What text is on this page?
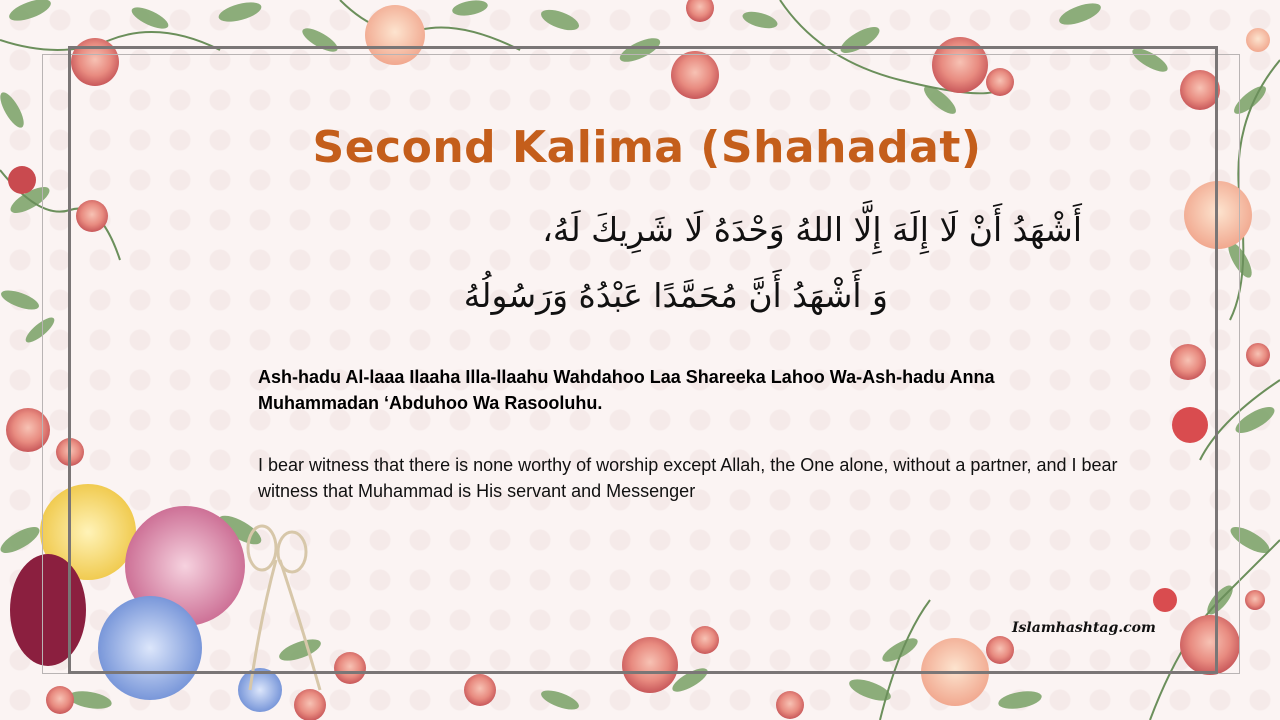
Second Kalima (Shahadat)
أَشْهَدُ أَنْ لَا إِلَهَ إِلَّا اللهُ وَحْدَهُ لَا شَرِيكَ لَهُ،
وَ أَشْهَدُ أَنَّ مُحَمَّدًا عَبْدُهُ وَرَسُولُهُ
Ash-hadu Al-laaa Ilaaha Illa-llaahu Wahdahoo Laa Shareeka Lahoo Wa-Ash-hadu Anna Muhammadan ‘Abduhoo Wa Rasooluhu.
I bear witness that there is none worthy of worship except Allah, the One alone, without a partner, and I bear witness that Muhammad is His servant and Messenger
Islamhashtag.com
